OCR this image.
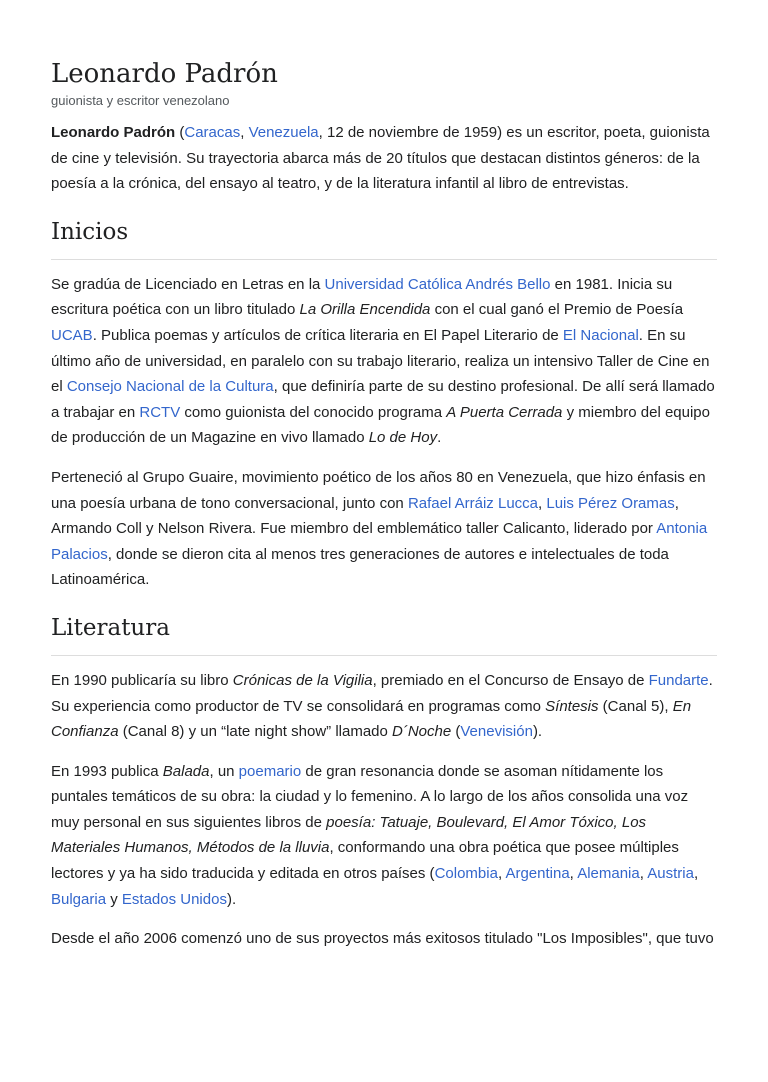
Leonardo Padrón
guionista y escritor venezolano

Leonardo Padrón (Caracas, Venezuela, 12 de noviembre de 1959) es un escritor, poeta, guionista de cine y televisión. Su trayectoria abarca más de 20 títulos que destacan distintos géneros: de la poesía a la crónica, del ensayo al teatro, y de la literatura infantil al libro de entrevistas.

Inicios

Se gradúa de Licenciado en Letras en la Universidad Católica Andrés Bello en 1981. Inicia su escritura poética con un libro titulado La Orilla Encendida con el cual ganó el Premio de Poesía UCAB. Publica poemas y artículos de crítica literaria en El Papel Literario de El Nacional. En su último año de universidad, en paralelo con su trabajo literario, realiza un intensivo Taller de Cine en el Consejo Nacional de la Cultura, que definiría parte de su destino profesional. De allí será llamado a trabajar en RCTV como guionista del conocido programa A Puerta Cerrada y miembro del equipo de producción de un Magazine en vivo llamado Lo de Hoy.

Perteneció al Grupo Guaire, movimiento poético de los años 80 en Venezuela, que hizo énfasis en una poesía urbana de tono conversacional, junto con Rafael Arráiz Lucca, Luis Pérez Oramas, Armando Coll y Nelson Rivera. Fue miembro del emblemático taller Calicanto, liderado por Antonia Palacios, donde se dieron cita al menos tres generaciones de autores e intelectuales de toda Latinoamérica.

Literatura

En 1990 publicaría su libro Crónicas de la Vigilia, premiado en el Concurso de Ensayo de Fundarte. Su experiencia como productor de TV se consolidará en programas como Síntesis (Canal 5), En Confianza (Canal 8) y un “late night show” llamado D´Noche (Venevisión).

En 1993 publica Balada, un poemario de gran resonancia donde se asoman nítidamente los puntales temáticos de su obra: la ciudad y lo femenino. A lo largo de los años consolida una voz muy personal en sus siguientes libros de poesía: Tatuaje, Boulevard, El Amor Tóxico, Los Materiales Humanos, Métodos de la lluvia, conformando una obra poética que posee múltiples lectores y ya ha sido traducida y editada en otros países (Colombia, Argentina, Alemania, Austria, Bulgaria y Estados Unidos).

Desde el año 2006 comenzó uno de sus proyectos más exitosos titulado "Los Imposibles", que tuvo
